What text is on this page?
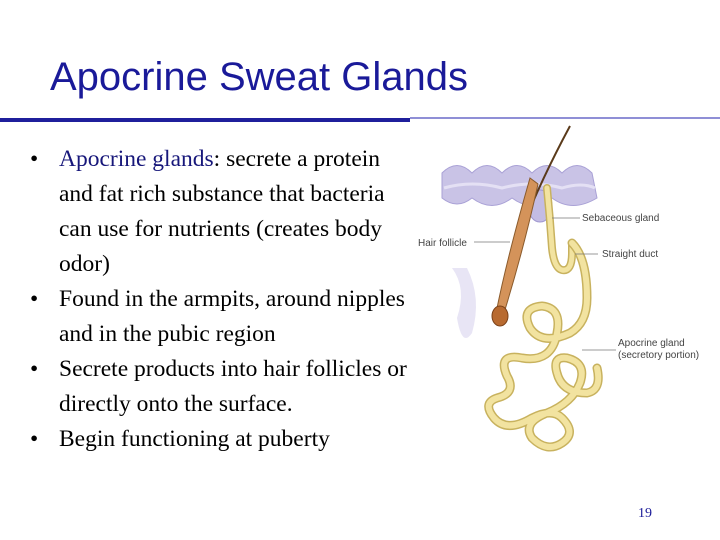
Apocrine Sweat Glands
• Apocrine glands: secrete a protein and fat rich substance that bacteria can use for nutrients (creates body odor)
• Found in the armpits, around nipples and in the pubic region
• Secrete products into hair follicles or directly onto the surface.
• Begin functioning at puberty
Hair follicle
Sebaceous gland
Straight duct
Apocrine gland
(secretory portion)
19
